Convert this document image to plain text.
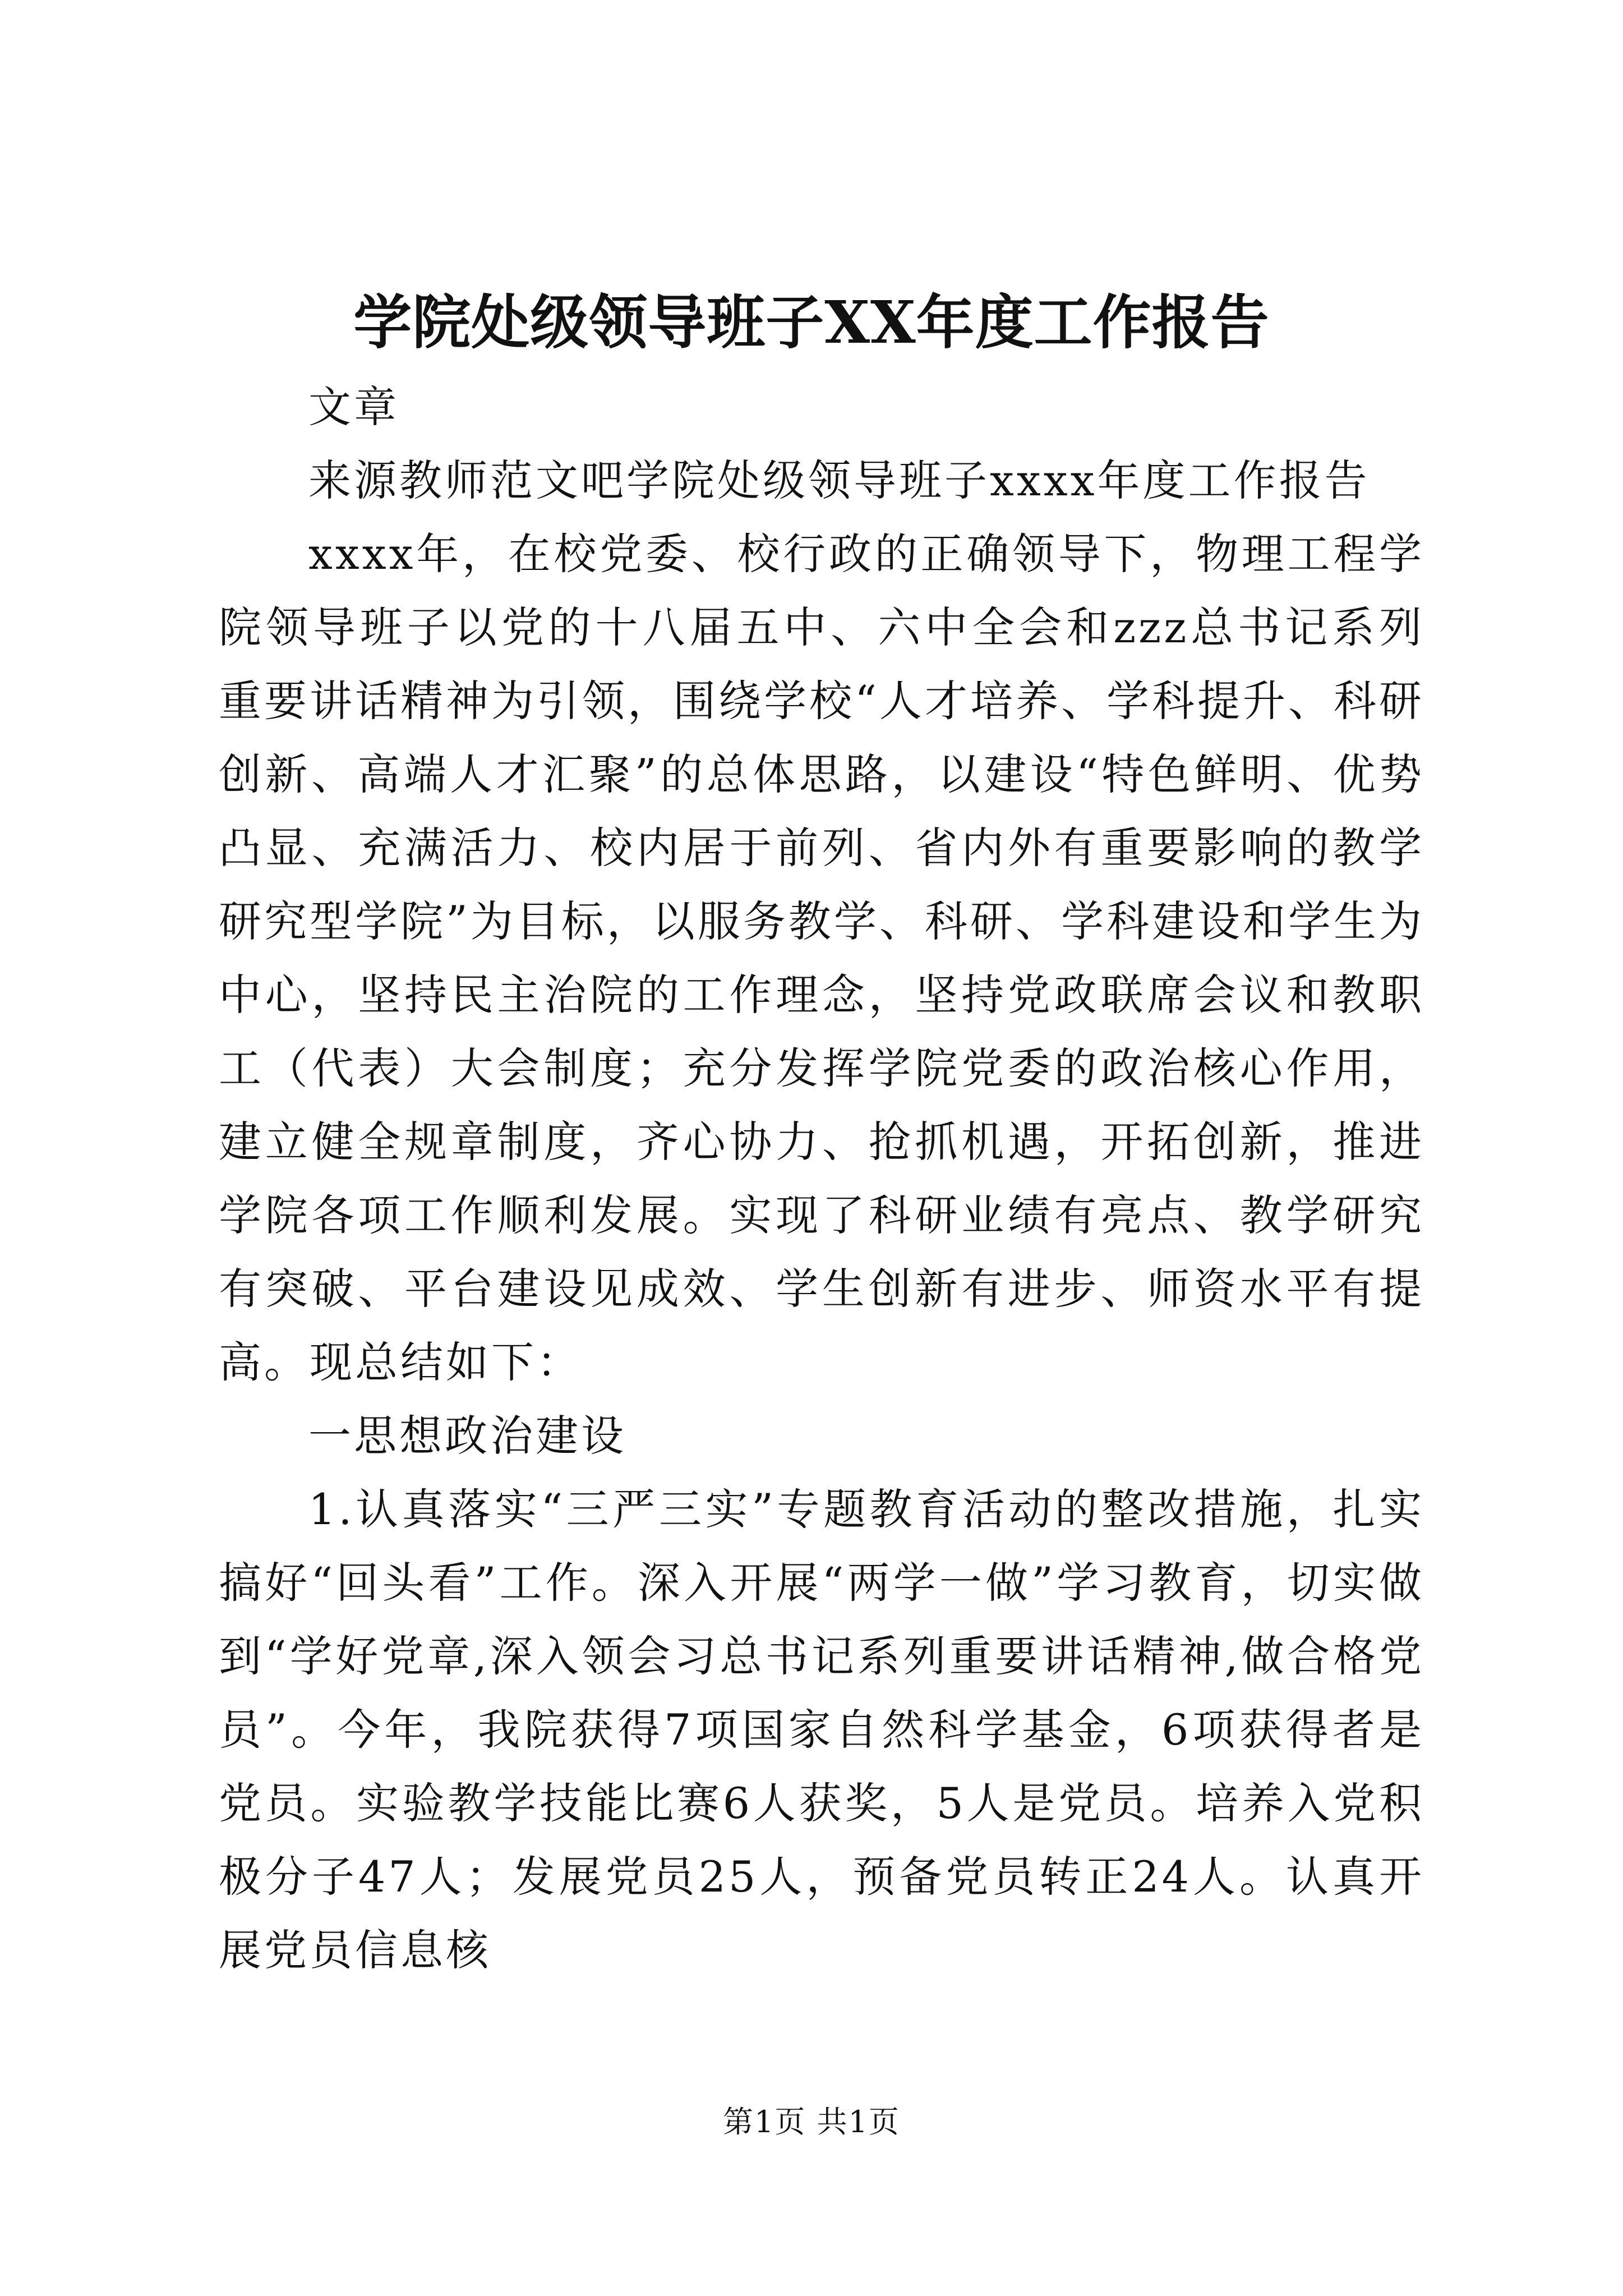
学院处级领导班子XX年度工作报告

文章

来源教师范文吧学院处级领导班子xxxx年度工作报告

xxxx年，在校党委、校行政的正确领导下，物理工程学院领导班子以党的十八届五中、六中全会和zzz总书记系列重要讲话精神为引领，围绕学校“人才培养、学科提升、科研创新、高端人才汇聚”的总体思路，以建设“特色鲜明、优势凸显、充满活力、校内居于前列、省内外有重要影响的教学研究型学院”为目标，以服务教学、科研、学科建设和学生为中心，坚持民主治院的工作理念，坚持党政联席会议和教职工（代表）大会制度；充分发挥学院党委的政治核心作用，建立健全规章制度，齐心协力、抢抓机遇，开拓创新，推进学院各项工作顺利发展。实现了科研业绩有亮点、教学研究有突破、平台建设见成效、学生创新有进步、师资水平有提高。现总结如下：

一思想政治建设

1.认真落实“三严三实”专题教育活动的整改措施，扎实搞好“回头看”工作。深入开展“两学一做”学习教育，切实做到“学好党章,深入领会习总书记系列重要讲话精神,做合格党员”。今年，我院获得7项国家自然科学基金，6项获得者是党员。实验教学技能比赛6人获奖，5人是党员。培养入党积极分子47人；发展党员25人，预备党员转正24人。认真开展党员信息核

第1页 共1页
